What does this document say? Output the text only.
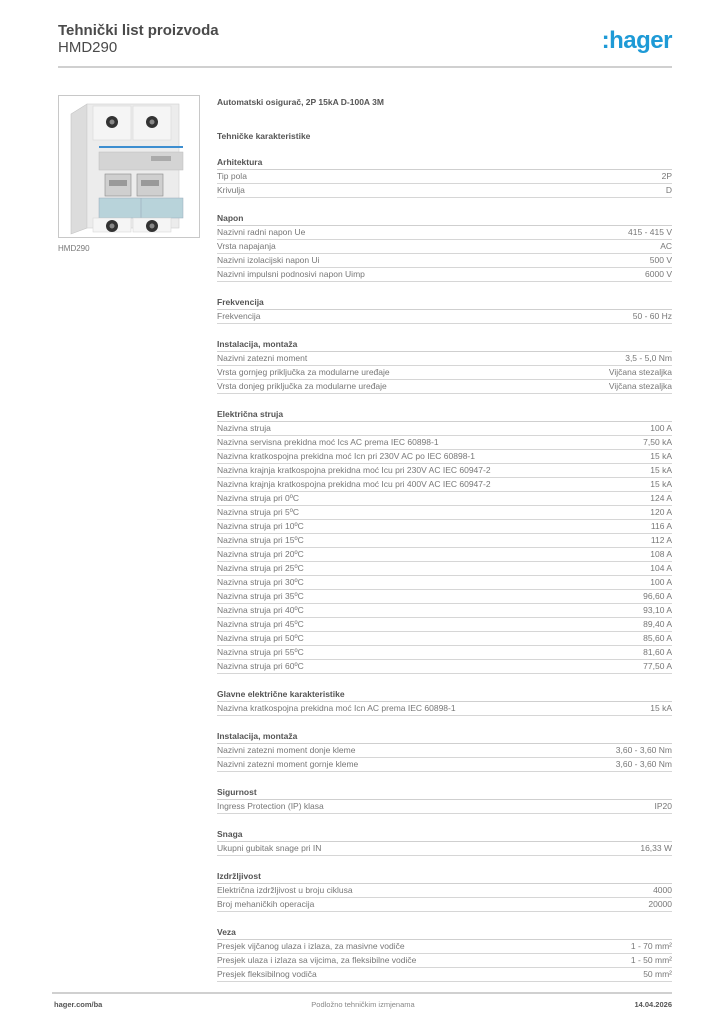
Tehnički list proizvoda
HMD290	:hager
HMD290
Automatski osigurač, 2P 15kA D-100A 3M
Tehničke karakteristike
Arhitektura
Tip pola	2P
Krivulja	D
Napon
Nazivni radni napon Ue	415 - 415 V
Vrsta napajanja	AC
Nazivni izolacijski napon Ui	500 V
Nazivni impulsni podnosivi napon Uimp	6000 V
Frekvencija
Frekvencija	50 - 60 Hz
Instalacija, montaža
Nazivni zatezni moment	3,5 - 5,0 Nm
Vrsta gornjeg priključka za modularne uređaje	Vijčana stezaljka
Vrsta donjeg priključka za modularne uređaje	Vijčana stezaljka
Električna struja
Nazivna struja	100 A
Nazivna servisna prekidna moć Ics AC prema IEC 60898-1	7,50 kA
Nazivna kratkospojna prekidna moć Icn pri 230V AC po IEC 60898-1	15 kA
Nazivna krajnja kratkospojna prekidna moć Icu pri 230V AC IEC 60947-2	15 kA
Nazivna krajnja kratkospojna prekidna moć Icu pri 400V AC IEC 60947-2	15 kA
Nazivna struja pri 0ºC	124 A
Nazivna struja pri 5ºC	120 A
Nazivna struja pri 10ºC	116 A
Nazivna struja pri 15ºC	112 A
Nazivna struja pri 20ºC	108 A
Nazivna struja pri 25ºC	104 A
Nazivna struja pri 30ºC	100 A
Nazivna struja pri 35ºC	96,60 A
Nazivna struja pri 40ºC	93,10 A
Nazivna struja pri 45ºC	89,40 A
Nazivna struja pri 50ºC	85,60 A
Nazivna struja pri 55ºC	81,60 A
Nazivna struja pri 60ºC	77,50 A
Glavne električne karakteristike
Nazivna kratkospojna prekidna moć Icn AC prema IEC 60898-1	15 kA
Instalacija, montaža
Nazivni zatezni moment donje kleme	3,60 - 3,60 Nm
Nazivni zatezni moment gornje kleme	3,60 - 3,60 Nm
Sigurnost
Ingress Protection (IP) klasa	IP20
Snaga
Ukupni gubitak snage pri IN	16,33 W
Izdržljivost
Električna izdržljivost u broju ciklusa	4000
Broj mehaničkih operacija	20000
Veza
Presjek vijčanog ulaza i izlaza, za masivne vodiče	1 - 70 mm²
Presjek ulaza i izlaza sa vijcima, za fleksibilne vodiče	1 - 50 mm²
Presjek fleksibilnog vodiča	50 mm²
hager.com/ba	Podložno tehničkim izmjenama	14.04.2026
